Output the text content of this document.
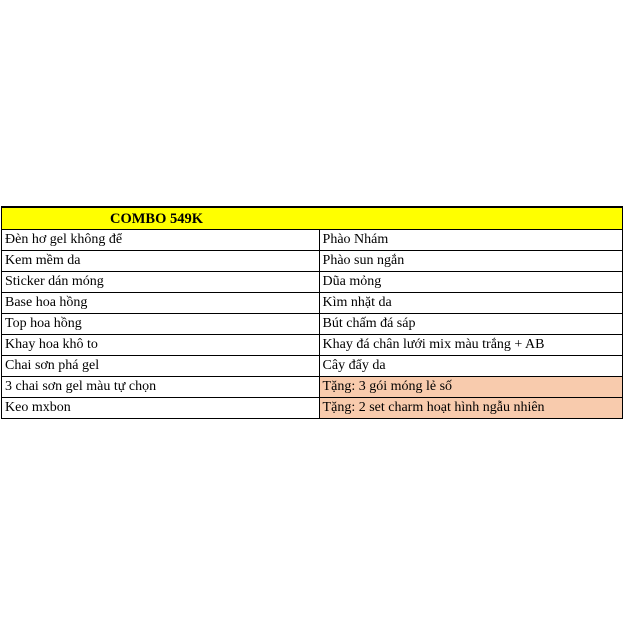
COMBO 549K	
Đèn hơ gel không để	Phào Nhám
Kem mềm da	Phào sun ngắn
Sticker dán móng	Dũa mỏng
Base hoa hồng	Kìm nhặt da
Top hoa hồng	Bút chấm đá sáp
Khay hoa khô to	Khay đá chân lưới mix màu trắng + AB
Chai sơn phá gel	Cây đẩy da
3 chai sơn gel màu tự chọn	Tặng: 3 gói móng lẻ số
Keo mxbon	Tặng: 2 set charm hoạt hình ngẫu nhiên
